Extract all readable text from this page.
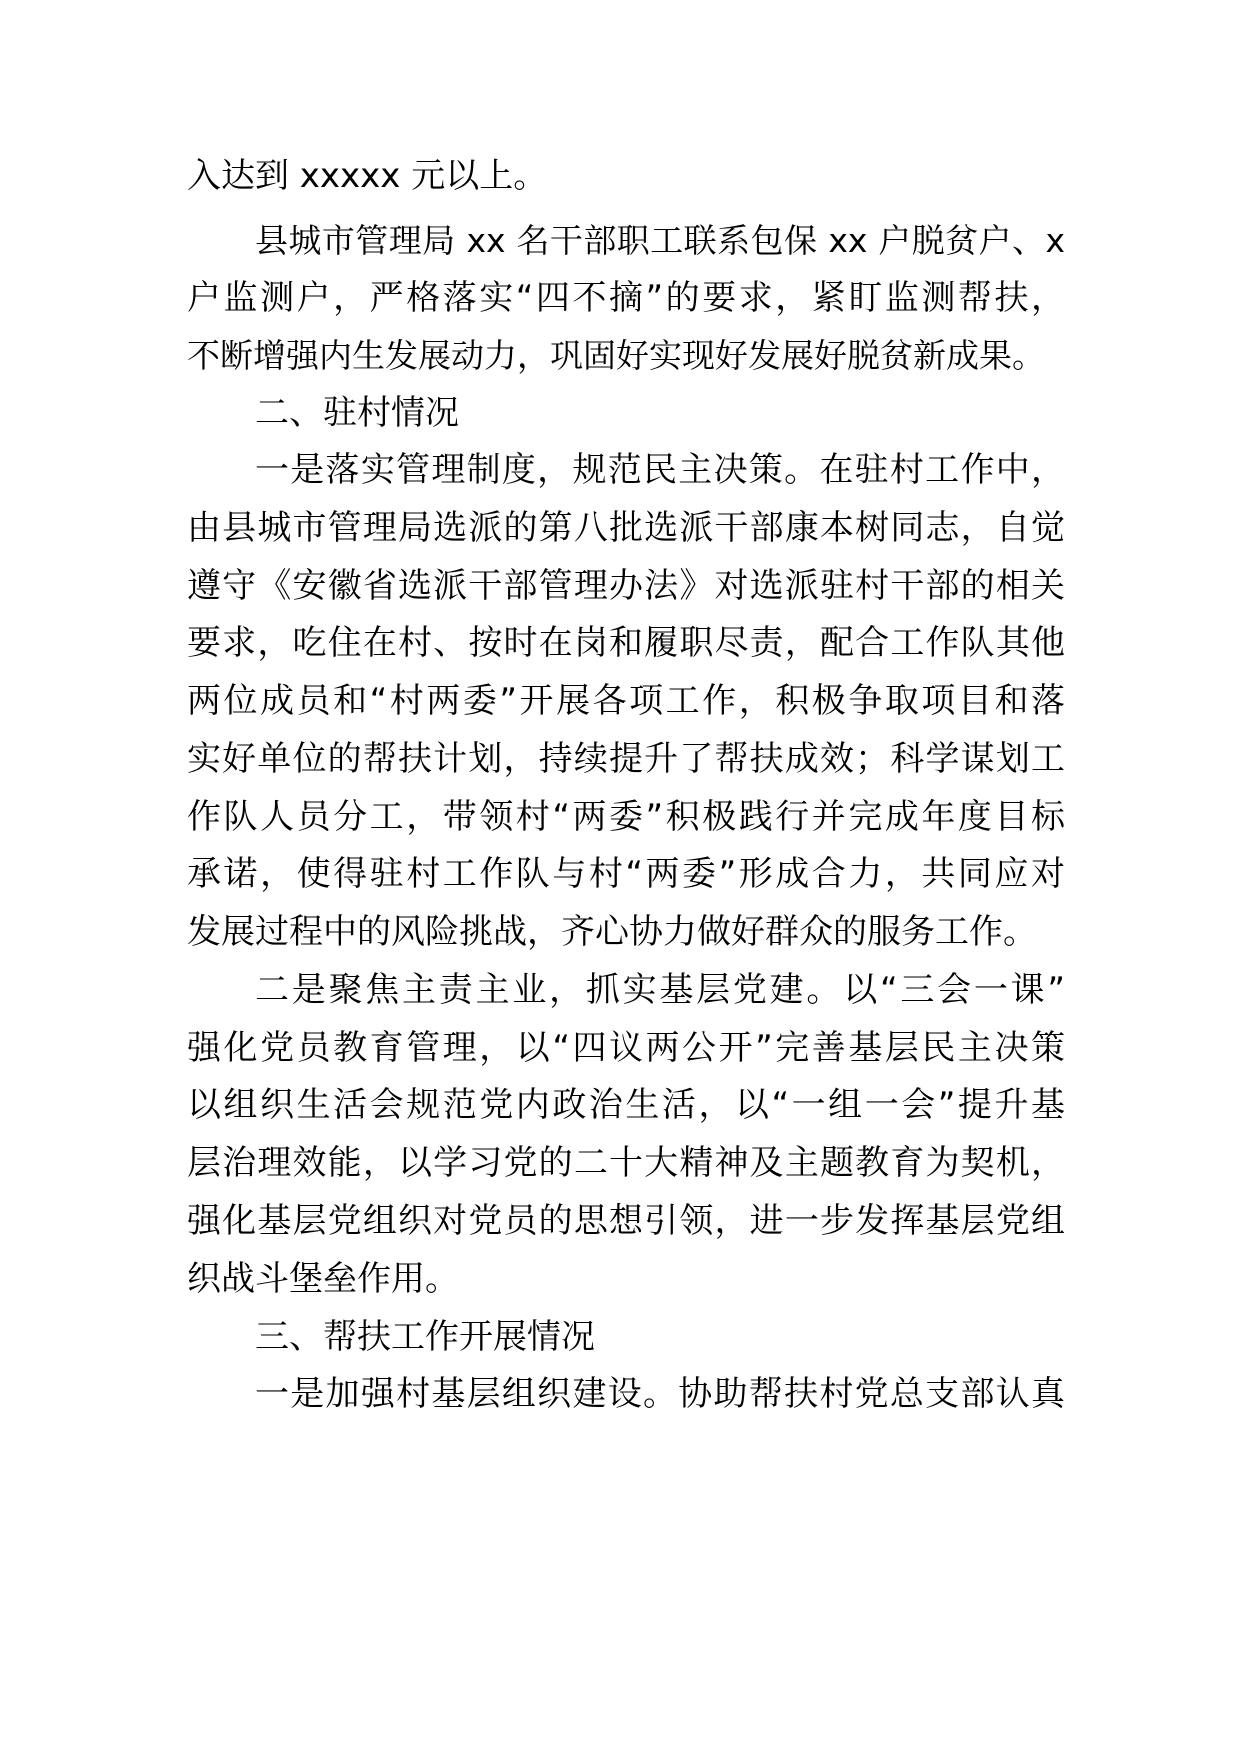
入达到 xxxxx 元以上。
县城市管理局 xx 名干部职工联系包保 xx 户脱贫户、x
户监测户，严格落实“四不摘”的要求，紧盯监测帮扶，
不断增强内生发展动力，巩固好实现好发展好脱贫新成果。
二、驻村情况
一是落实管理制度，规范民主决策。在驻村工作中，
由县城市管理局选派的第八批选派干部康本树同志，自觉
遵守《安徽省选派干部管理办法》对选派驻村干部的相关
要求，吃住在村、按时在岗和履职尽责，配合工作队其他
两位成员和“村两委”开展各项工作，积极争取项目和落
实好单位的帮扶计划，持续提升了帮扶成效；科学谋划工
作队人员分工，带领村“两委”积极践行并完成年度目标
承诺，使得驻村工作队与村“两委”形成合力，共同应对
发展过程中的风险挑战，齐心协力做好群众的服务工作。
二是聚焦主责主业，抓实基层党建。以“三会一课”
强化党员教育管理，以“四议两公开”完善基层民主决策
以组织生活会规范党内政治生活，以“一组一会”提升基
层治理效能，以学习党的二十大精神及主题教育为契机，
强化基层党组织对党员的思想引领，进一步发挥基层党组
织战斗堡垒作用。
三、帮扶工作开展情况
一是加强村基层组织建设。协助帮扶村党总支部认真
